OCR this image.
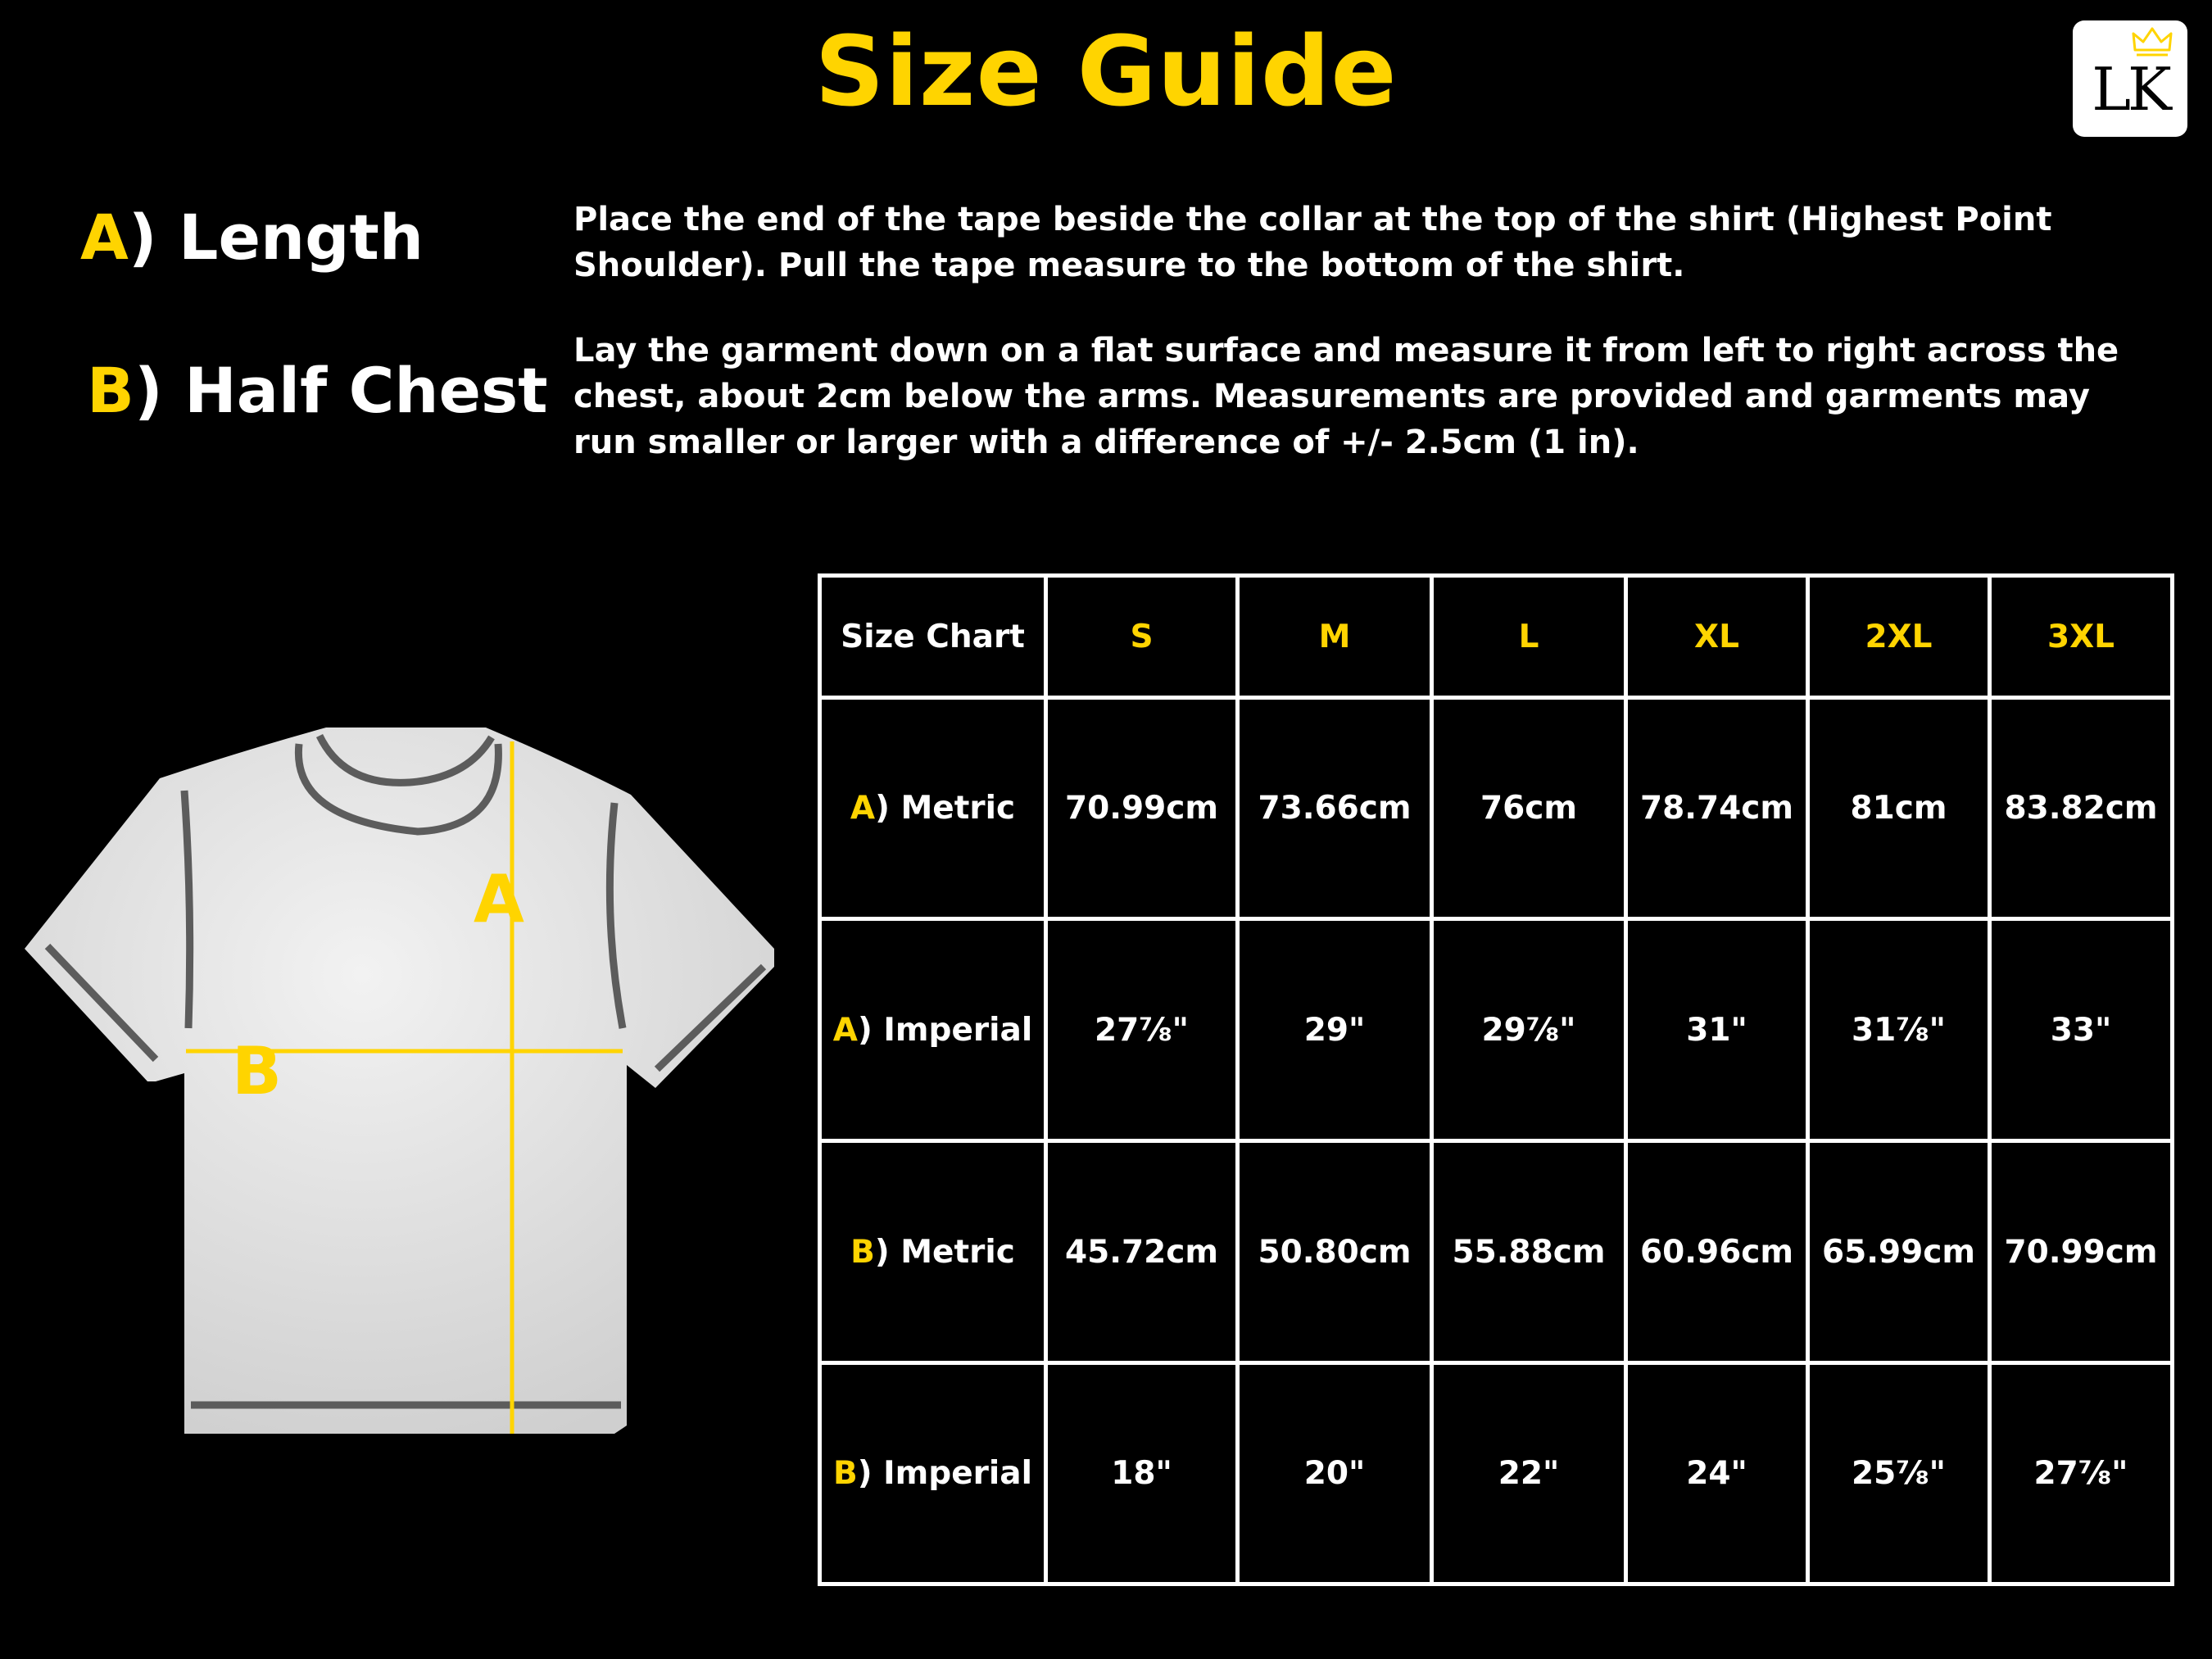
Size Guide	LK
A) Length
B) Half Chest
Place the end of the tape beside the collar at the top of the shirt (Highest Point Shoulder). Pull the tape measure to the bottom of the shirt.
Lay the garment down on a flat surface and measure it from left to right across the chest, about 2cm below the arms. Measurements are provided and garments may run smaller or larger with a difference of +/- 2.5cm (1 in).
A
B
Size Chart	S	M	L	XL	2XL	3XL
A) Metric	70.99cm	73.66cm	76cm	78.74cm	81cm	83.82cm
A) Imperial	27⅞"	29"	29⅞"	31"	31⅞"	33"
B) Metric	45.72cm	50.80cm	55.88cm	60.96cm	65.99cm	70.99cm
B) Imperial	18"	20"	22"	24"	25⅞"	27⅞"
